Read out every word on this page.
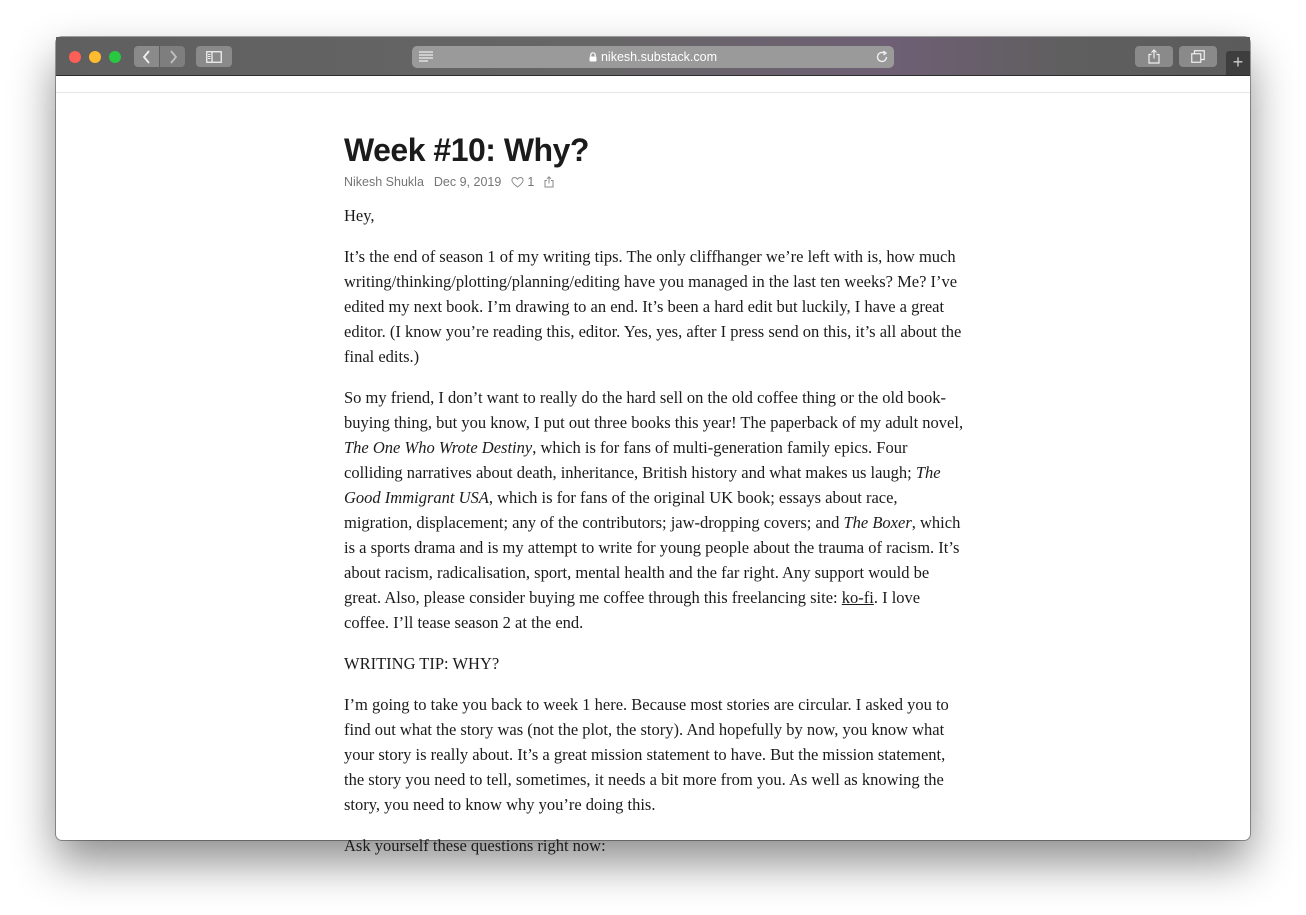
nikesh.substack.com	+
Week #10: Why?
Nikesh Shukla Dec 9, 2019 1

Hey,

It’s the end of season 1 of my writing tips. The only cliffhanger we’re left with is, how much writing/thinking/plotting/planning/editing have you managed in the last ten weeks? Me? I’ve edited my next book. I’m drawing to an end. It’s been a hard edit but luckily, I have a great editor. (I know you’re reading this, editor. Yes, yes, after I press send on this, it’s all about the final edits.)

So my friend, I don’t want to really do the hard sell on the old coffee thing or the old book-buying thing, but you know, I put out three books this year! The paperback of my adult novel, The One Who Wrote Destiny, which is for fans of multi-generation family epics. Four colliding narratives about death, inheritance, British history and what makes us laugh; The Good Immigrant USA, which is for fans of the original UK book; essays about race, migration, displacement; any of the contributors; jaw-dropping covers; and The Boxer, which is a sports drama and is my attempt to write for young people about the trauma of racism. It’s about racism, radicalisation, sport, mental health and the far right. Any support would be great. Also, please consider buying me coffee through this freelancing site: ko-fi. I love coffee. I’ll tease season 2 at the end.

WRITING TIP: WHY?

I’m going to take you back to week 1 here. Because most stories are circular. I asked you to find out what the story was (not the plot, the story). And hopefully by now, you know what your story is really about. It’s a great mission statement to have. But the mission statement, the story you need to tell, sometimes, it needs a bit more from you. As well as knowing the story, you need to know why you’re doing this.

Ask yourself these questions right now:
